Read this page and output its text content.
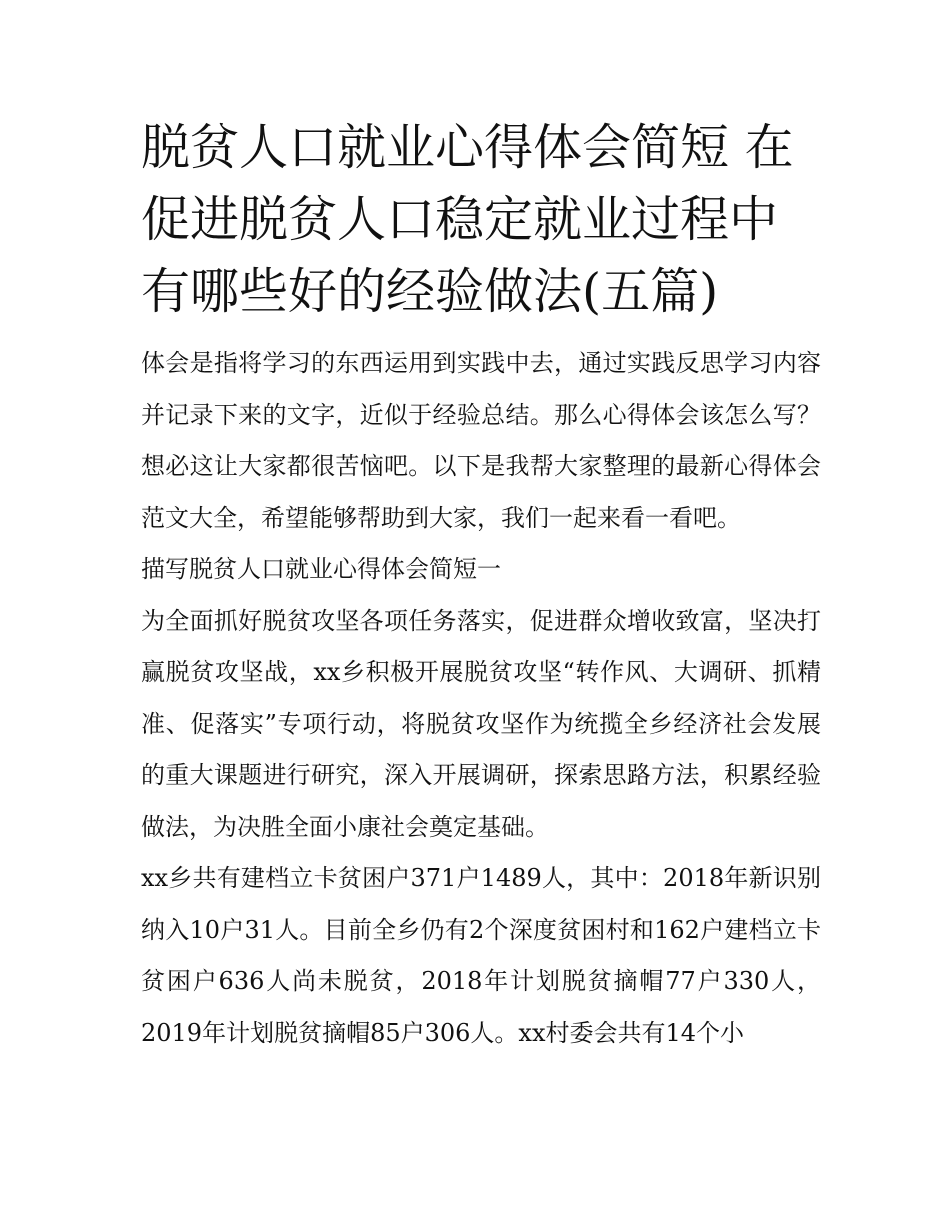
脱贫人口就业心得体会简短 在促进脱贫人口稳定就业过程中有哪些好的经验做法(五篇)

体会是指将学习的东西运用到实践中去，通过实践反思学习内容并记录下来的文字，近似于经验总结。那么心得体会该怎么写？想必这让大家都很苦恼吧。以下是我帮大家整理的最新心得体会范文大全，希望能够帮助到大家，我们一起来看一看吧。

描写脱贫人口就业心得体会简短一

为全面抓好脱贫攻坚各项任务落实，促进群众增收致富，坚决打赢脱贫攻坚战，xx乡积极开展脱贫攻坚“转作风、大调研、抓精准、促落实”专项行动，将脱贫攻坚作为统揽全乡经济社会发展的重大课题进行研究，深入开展调研，探索思路方法，积累经验做法，为决胜全面小康社会奠定基础。

xx乡共有建档立卡贫困户371户1489人，其中：2018年新识别纳入10户31人。目前全乡仍有2个深度贫困村和162户建档立卡贫困户636人尚未脱贫，2018年计划脱贫摘帽77户330人，2019年计划脱贫摘帽85户306人。xx村委会共有14个小
